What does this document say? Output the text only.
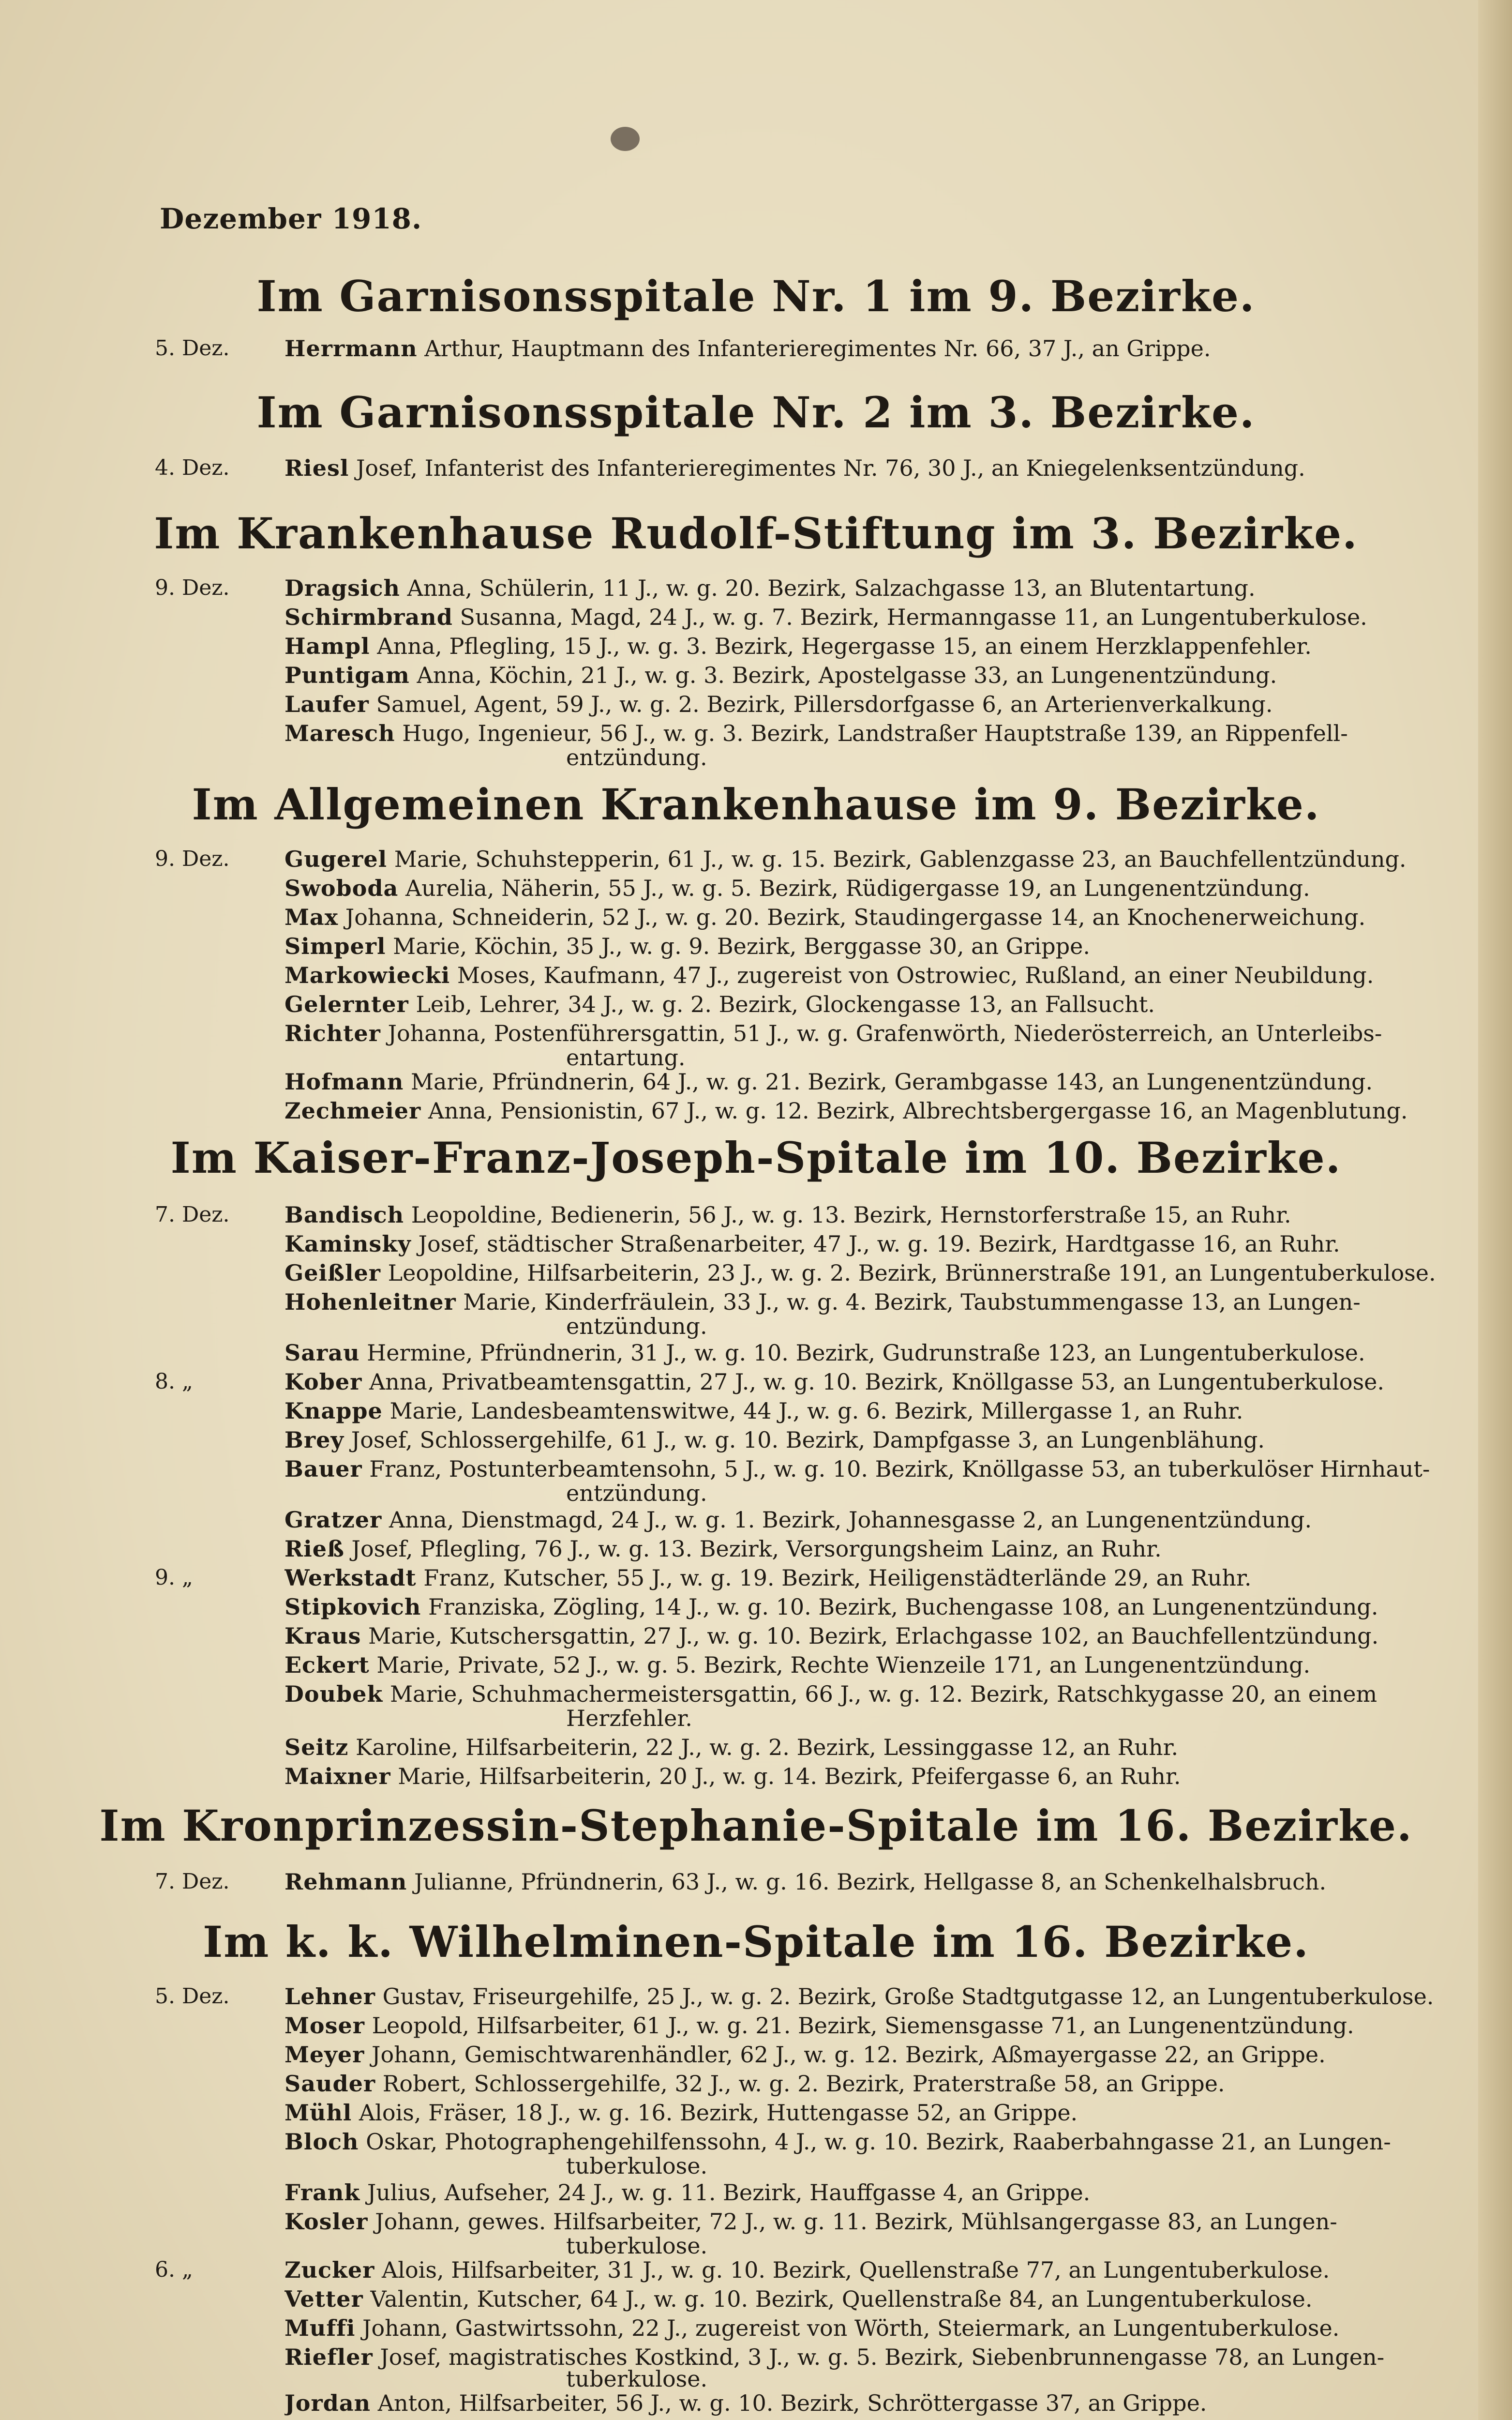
Dezember 1918.
Im Garnisonsspitale Nr. 1 im 9. Bezirke.
5. Dez.	Herrmann Arthur, Hauptmann des Infanterieregimentes Nr. 66, 37 J., an Grippe.
Im Garnisonsspitale Nr. 2 im 3. Bezirke.
4. Dez.	Riesl Josef, Infanterist des Infanterieregimentes Nr. 76, 30 J., an Kniegelenksentzündung.
Im Krankenhause Rudolf-Stiftung im 3. Bezirke.
9. Dez.	Dragsich Anna, Schülerin, 11 J., w. g. 20. Bezirk, Salzachgasse 13, an Blutentartung.
Schirmbrand Susanna, Magd, 24 J., w. g. 7. Bezirk, Hermanngasse 11, an Lungentuberkulose.
Hampl Anna, Pflegling, 15 J., w. g. 3. Bezirk, Hegergasse 15, an einem Herzklappenfehler.
Puntigam Anna, Köchin, 21 J., w. g. 3. Bezirk, Apostelgasse 33, an Lungenentzündung.
Laufer Samuel, Agent, 59 J., w. g. 2. Bezirk, Pillersdorfgasse 6, an Arterienverkalkung.
Maresch Hugo, Ingenieur, 56 J., w. g. 3. Bezirk, Landstraßer Hauptstraße 139, an Rippenfell-
entzündung.
Im Allgemeinen Krankenhause im 9. Bezirke.
9. Dez.	Gugerel Marie, Schuhstepperin, 61 J., w. g. 15. Bezirk, Gablenzgasse 23, an Bauchfellentzündung.
Swoboda Aurelia, Näherin, 55 J., w. g. 5. Bezirk, Rüdigergasse 19, an Lungenentzündung.
Max Johanna, Schneiderin, 52 J., w. g. 20. Bezirk, Staudingergasse 14, an Knochenerweichung.
Simperl Marie, Köchin, 35 J., w. g. 9. Bezirk, Berggasse 30, an Grippe.
Markowiecki Moses, Kaufmann, 47 J., zugereist von Ostrowiec, Rußland, an einer Neubildung.
Gelernter Leib, Lehrer, 34 J., w. g. 2. Bezirk, Glockengasse 13, an Fallsucht.
Richter Johanna, Postenführersgattin, 51 J., w. g. Grafenwörth, Niederösterreich, an Unterleibs-
entartung.
Hofmann Marie, Pfründnerin, 64 J., w. g. 21. Bezirk, Gerambgasse 143, an Lungenentzündung.
Zechmeier Anna, Pensionistin, 67 J., w. g. 12. Bezirk, Albrechtsbergergasse 16, an Magenblutung.
Im Kaiser-Franz-Joseph-Spitale im 10. Bezirke.
7. Dez.	Bandisch Leopoldine, Bedienerin, 56 J., w. g. 13. Bezirk, Hernstorferstraße 15, an Ruhr.
Kaminsky Josef, städtischer Straßenarbeiter, 47 J., w. g. 19. Bezirk, Hardtgasse 16, an Ruhr.
Geißler Leopoldine, Hilfsarbeiterin, 23 J., w. g. 2. Bezirk, Brünnerstraße 191, an Lungentuberkulose.
Hohenleitner Marie, Kinderfräulein, 33 J., w. g. 4. Bezirk, Taubstummengasse 13, an Lungen-
entzündung.
Sarau Hermine, Pfründnerin, 31 J., w. g. 10. Bezirk, Gudrunstraße 123, an Lungentuberkulose.
8. „	Kober Anna, Privatbeamtensgattin, 27 J., w. g. 10. Bezirk, Knöllgasse 53, an Lungentuberkulose.
Knappe Marie, Landesbeamtenswitwe, 44 J., w. g. 6. Bezirk, Millergasse 1, an Ruhr.
Brey Josef, Schlossergehilfe, 61 J., w. g. 10. Bezirk, Dampfgasse 3, an Lungenblähung.
Bauer Franz, Postunterbeamtensohn, 5 J., w. g. 10. Bezirk, Knöllgasse 53, an tuberkulöser Hirnhaut-
entzündung.
Gratzer Anna, Dienstmagd, 24 J., w. g. 1. Bezirk, Johannesgasse 2, an Lungenentzündung.
Rieß Josef, Pflegling, 76 J., w. g. 13. Bezirk, Versorgungsheim Lainz, an Ruhr.
9. „	Werkstadt Franz, Kutscher, 55 J., w. g. 19. Bezirk, Heiligenstädterlände 29, an Ruhr.
Stipkovich Franziska, Zögling, 14 J., w. g. 10. Bezirk, Buchengasse 108, an Lungenentzündung.
Kraus Marie, Kutschersgattin, 27 J., w. g. 10. Bezirk, Erlachgasse 102, an Bauchfellentzündung.
Eckert Marie, Private, 52 J., w. g. 5. Bezirk, Rechte Wienzeile 171, an Lungenentzündung.
Doubek Marie, Schuhmachermeistersgattin, 66 J., w. g. 12. Bezirk, Ratschkygasse 20, an einem
Herzfehler.
Seitz Karoline, Hilfsarbeiterin, 22 J., w. g. 2. Bezirk, Lessinggasse 12, an Ruhr.
Maixner Marie, Hilfsarbeiterin, 20 J., w. g. 14. Bezirk, Pfeifergasse 6, an Ruhr.
Im Kronprinzessin-Stephanie-Spitale im 16. Bezirke.
7. Dez.	Rehmann Julianne, Pfründnerin, 63 J., w. g. 16. Bezirk, Hellgasse 8, an Schenkelhalsbruch.
Im k. k. Wilhelminen-Spitale im 16. Bezirke.
5. Dez.	Lehner Gustav, Friseurgehilfe, 25 J., w. g. 2. Bezirk, Große Stadtgutgasse 12, an Lungentuberkulose.
Moser Leopold, Hilfsarbeiter, 61 J., w. g. 21. Bezirk, Siemensgasse 71, an Lungenentzündung.
Meyer Johann, Gemischtwarenhändler, 62 J., w. g. 12. Bezirk, Aßmayergasse 22, an Grippe.
Sauder Robert, Schlossergehilfe, 32 J., w. g. 2. Bezirk, Praterstraße 58, an Grippe.
Mühl Alois, Fräser, 18 J., w. g. 16. Bezirk, Huttengasse 52, an Grippe.
Bloch Oskar, Photographengehilfenssohn, 4 J., w. g. 10. Bezirk, Raaberbahngasse 21, an Lungen-
tuberkulose.
Frank Julius, Aufseher, 24 J., w. g. 11. Bezirk, Hauffgasse 4, an Grippe.
Kosler Johann, gewes. Hilfsarbeiter, 72 J., w. g. 11. Bezirk, Mühlsangergasse 83, an Lungen-
tuberkulose.
6. „	Zucker Alois, Hilfsarbeiter, 31 J., w. g. 10. Bezirk, Quellenstraße 77, an Lungentuberkulose.
Vetter Valentin, Kutscher, 64 J., w. g. 10. Bezirk, Quellenstraße 84, an Lungentuberkulose.
Muffi Johann, Gastwirtssohn, 22 J., zugereist von Wörth, Steiermark, an Lungentuberkulose.
Riefler Josef, magistratisches Kostkind, 3 J., w. g. 5. Bezirk, Siebenbrunnengasse 78, an Lungen-
tuberkulose.
Jordan Anton, Hilfsarbeiter, 56 J., w. g. 10. Bezirk, Schröttergasse 37, an Grippe.
